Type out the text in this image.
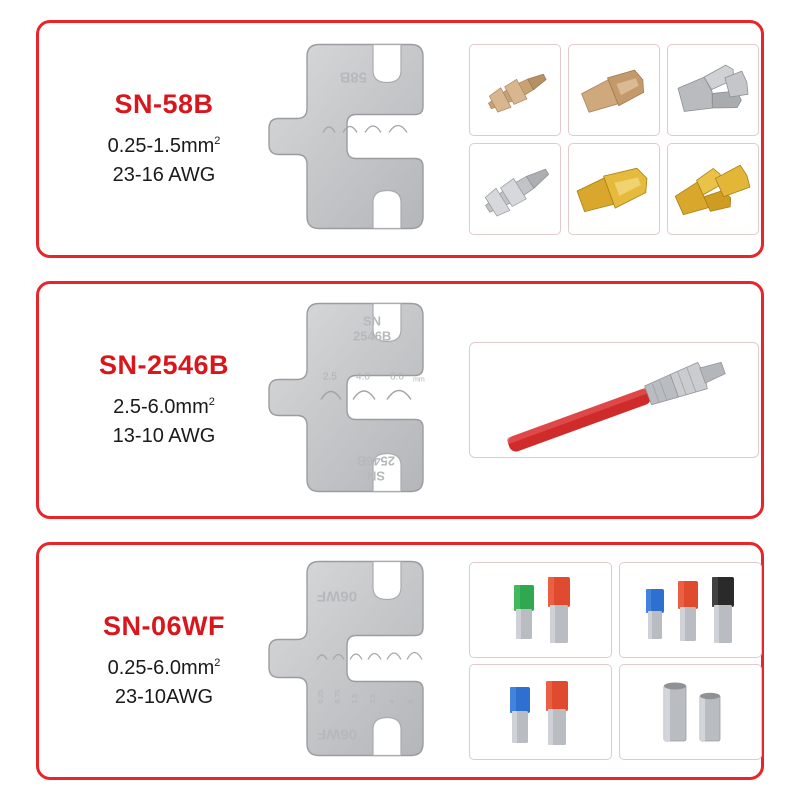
SN-58B
$0.25-1.5mm^2$
23-16 AWG
58B
SN-2546B
$2.5-6.0mm^2$
13-10 AWG
2.5 4.0 6.0 mm
SN
2546B
SN
2546B
SN-06WF
$0.25-6.0mm^2$
23-10AWG	0.25 0.75 1.5 2.5 4 6
06WF
06WF
